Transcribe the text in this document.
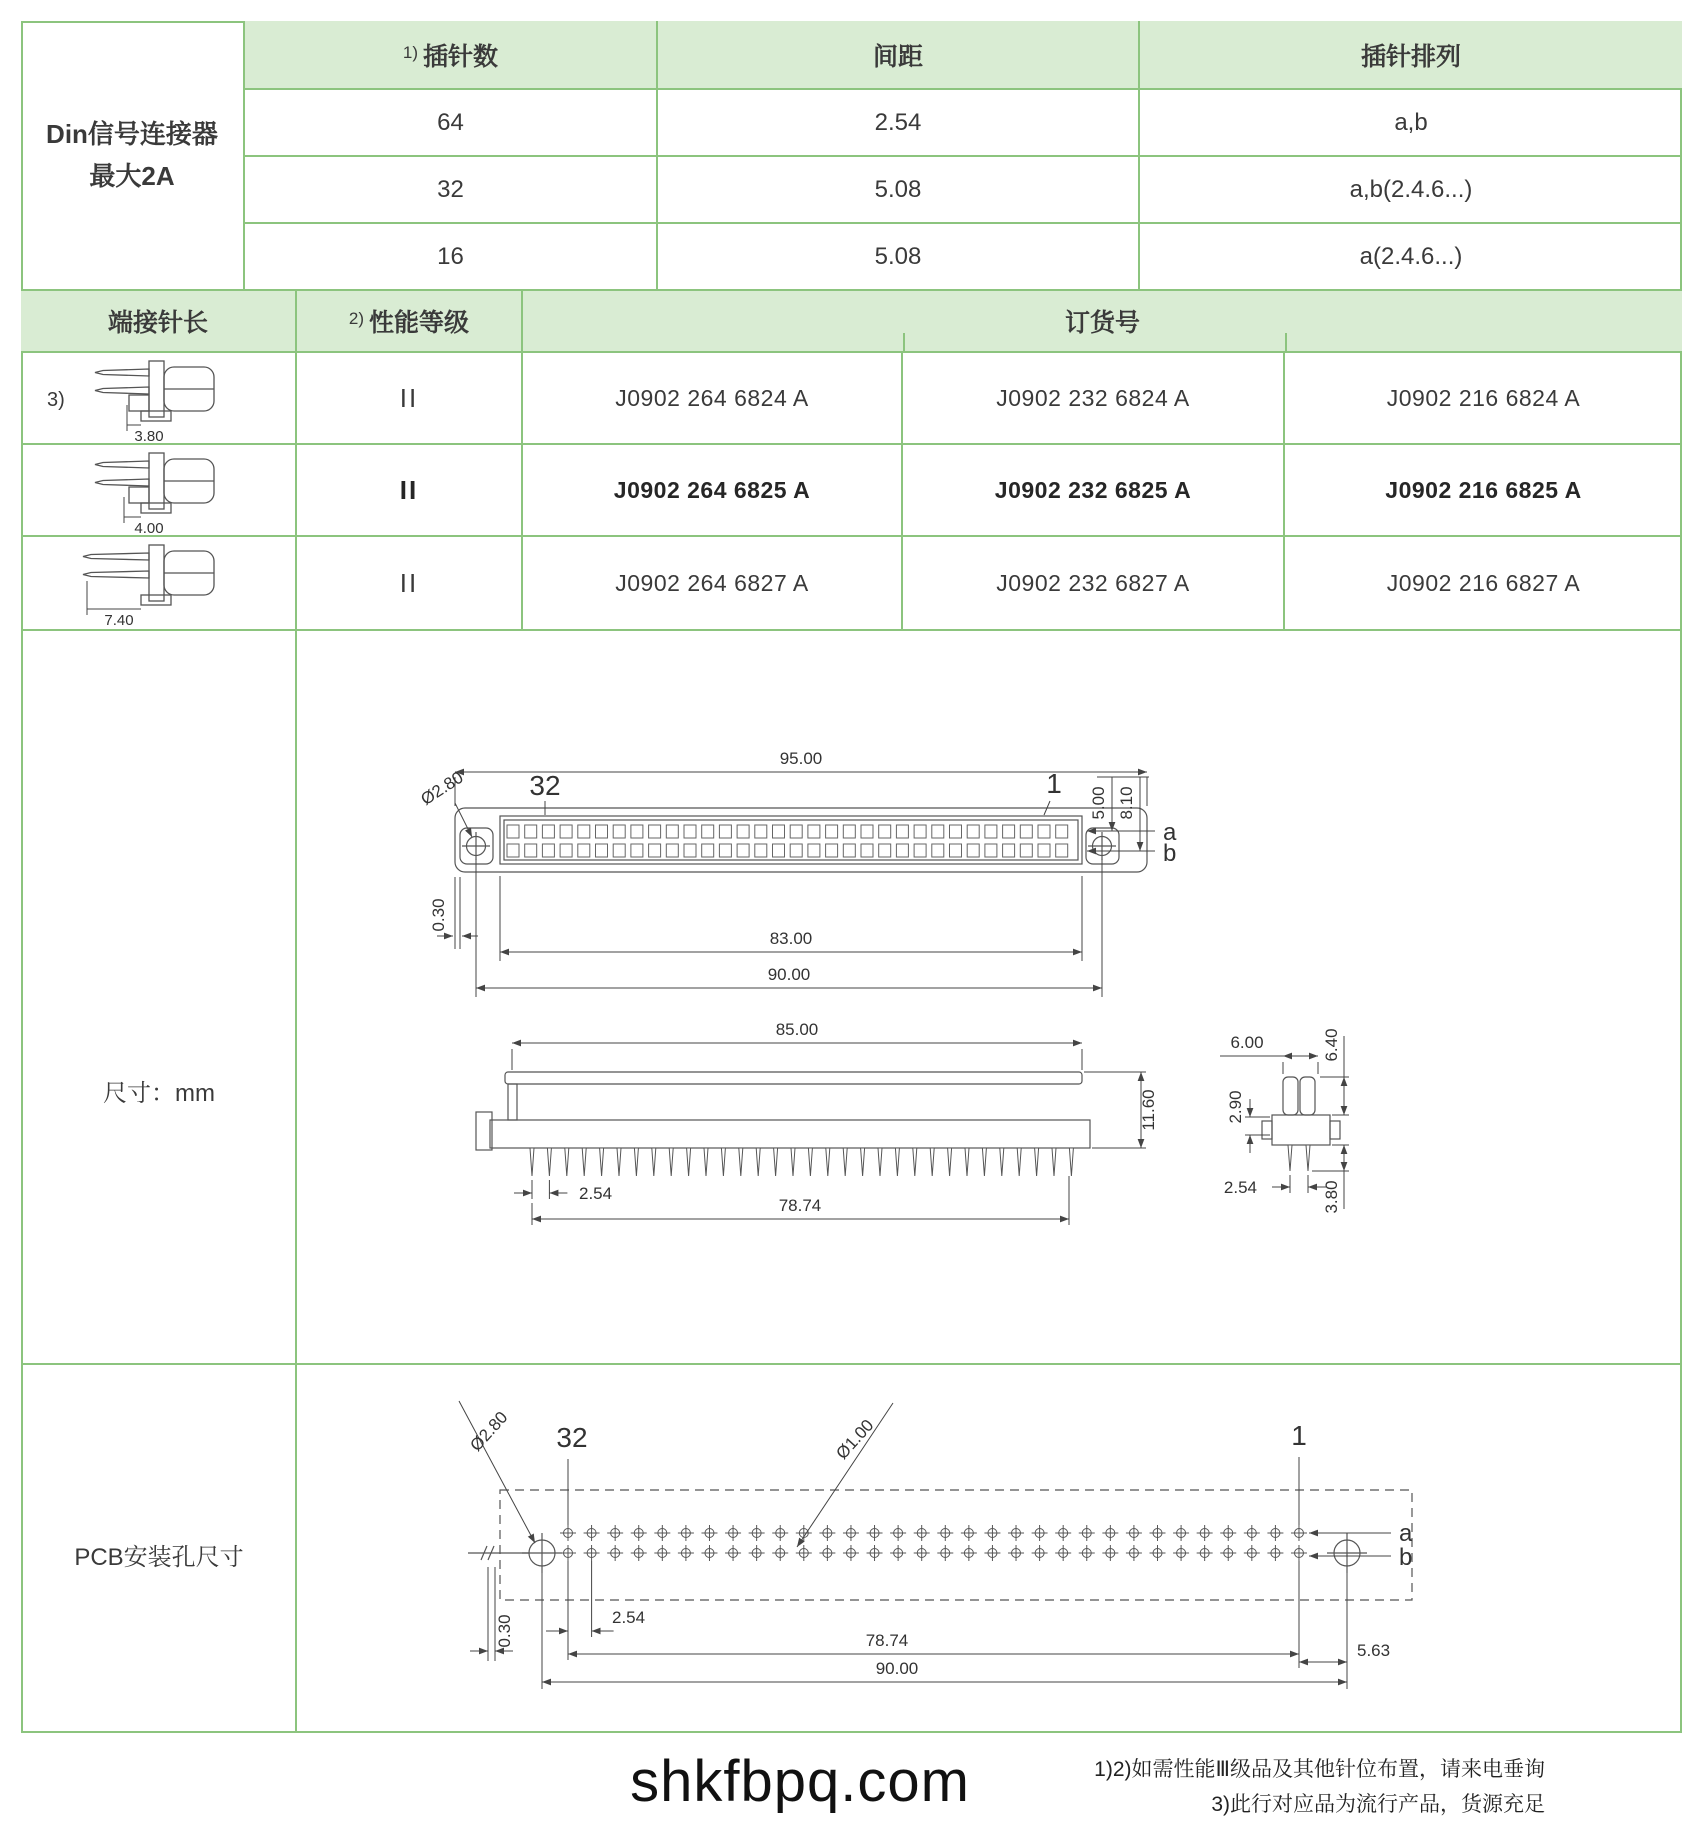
Din信号连接器
最大2A
$^{1)}$ 插针数	间距	插针排列
64	2.54	a,b
32	5.08	a,b(2.4.6...)
16	5.08	a(2.4.6...)
端接针长	$^{2)}$ 性能等级	订货号
3)
3.80
II	J0902 264 6824 A	J0902 232 6824 A	J0902 216 6824 A
4.00
II	J0902 264 6825 A	J0902 232 6825 A	J0902 216 6825 A
7.40
II	J0902 264 6827 A	J0902 232 6827 A	J0902 216 6827 A
尺寸：mm
95.00
32	1
Ø2.80
a
b
5.00 8.10
0.30
83.00
90.00
85.00
2.54
78.74
11.60
6.00	6.40
2.90
2.54	3.80
PCB安装孔尺寸
32	1
Ø2.80	Ø1.00
a
b
0.30	2.54
78.74
90.00
5.63
shkfbpq.com	1)2)如需性能Ⅲ级品及其他针位布置，请来电垂询
3)此行对应品为流行产品，货源充足
